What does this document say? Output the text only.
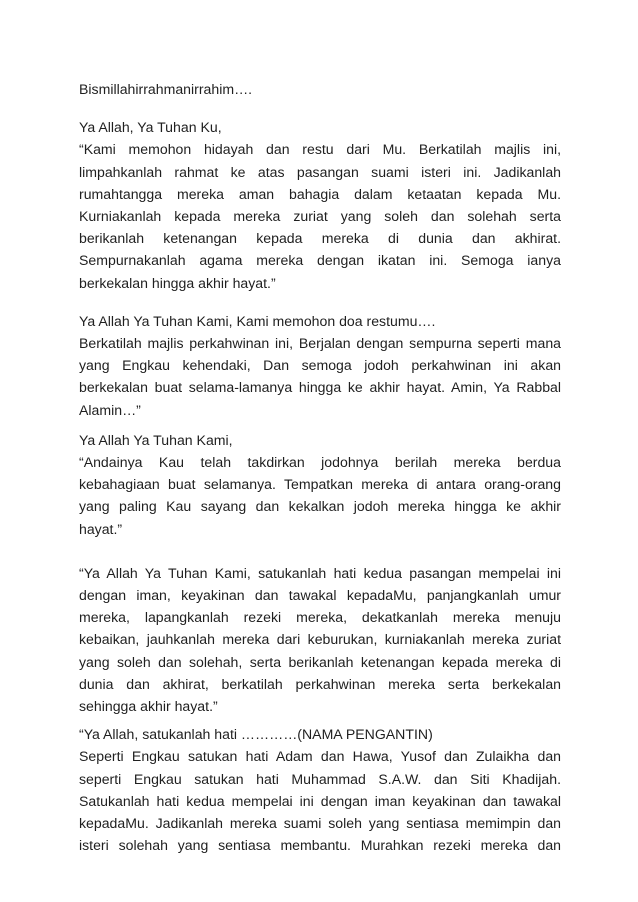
Bismillahirrahmanirrahim….
Ya Allah, Ya Tuhan Ku,
“Kami memohon hidayah dan restu dari Mu. Berkatilah majlis ini,
limpahkanlah rahmat ke atas pasangan suami isteri ini. Jadikanlah
rumahtangga mereka aman bahagia dalam ketaatan kepada Mu.
Kurniakanlah kepada mereka zuriat yang soleh dan solehah serta
berikanlah ketenangan kepada mereka di dunia dan akhirat.
Sempurnakanlah agama mereka dengan ikatan ini. Semoga ianya
berkekalan hingga akhir hayat.”
Ya Allah Ya Tuhan Kami, Kami memohon doa restumu….
Berkatilah majlis perkahwinan ini, Berjalan dengan sempurna seperti mana
yang Engkau kehendaki, Dan semoga jodoh perkahwinan ini akan
berkekalan buat selama-lamanya hingga ke akhir hayat. Amin, Ya Rabbal
Alamin…”
Ya Allah Ya Tuhan Kami,
“Andainya Kau telah takdirkan jodohnya berilah mereka berdua
kebahagiaan buat selamanya. Tempatkan mereka di antara orang-orang
yang paling Kau sayang dan kekalkan jodoh mereka hingga ke akhir
hayat.”
“Ya Allah Ya Tuhan Kami, satukanlah hati kedua pasangan mempelai ini
dengan iman, keyakinan dan tawakal kepadaMu, panjangkanlah umur
mereka, lapangkanlah rezeki mereka, dekatkanlah mereka menuju
kebaikan, jauhkanlah mereka dari keburukan, kurniakanlah mereka zuriat
yang soleh dan solehah, serta berikanlah ketenangan kepada mereka di
dunia dan akhirat, berkatilah perkahwinan mereka serta berkekalan
sehingga akhir hayat.”
“Ya Allah, satukanlah hati …………(NAMA PENGANTIN)
Seperti Engkau satukan hati Adam dan Hawa, Yusof dan Zulaikha dan
seperti Engkau satukan hati Muhammad S.A.W. dan Siti Khadijah.
Satukanlah hati kedua mempelai ini dengan iman keyakinan dan tawakal
kepadaMu. Jadikanlah mereka suami soleh yang sentiasa memimpin dan
isteri solehah yang sentiasa membantu. Murahkan rezeki mereka dan
